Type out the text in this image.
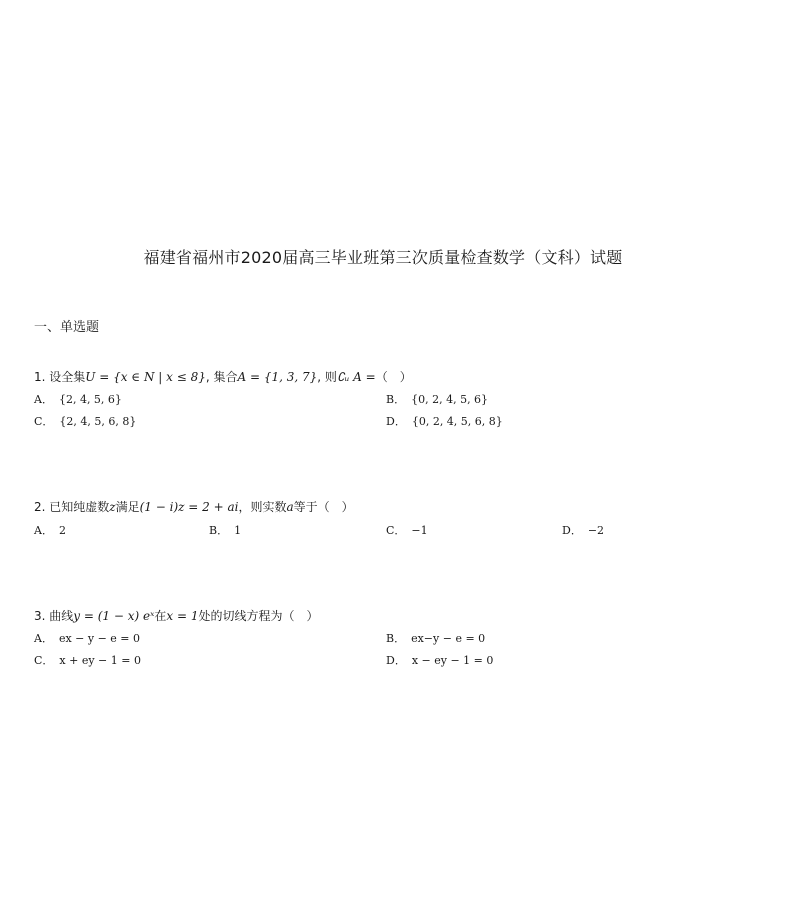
福建省福州市2020届高三毕业班第三次质量检查数学（文科）试题
一、单选题
1. 设全集U = {x ∈ N | x ≤ 8}, 集合A = {1, 3, 7}, 则∁ᵤ A =（　）
A． {2, 4, 5, 6}	B． {0, 2, 4, 5, 6}
C． {2, 4, 5, 6, 8}	D． {0, 2, 4, 5, 6, 8}
2. 已知纯虚数z满足(1 − i)z = 2 + ai，则实数a等于（　）
A． 2	B． 1	C． −1	D． −2
3. 曲线y = (1 − x) eˣ在x = 1处的切线方程为（　）
A． ex − y − e = 0	B． ex−y − e = 0
C． x + ey − 1 = 0	D． x − ey − 1 = 0
